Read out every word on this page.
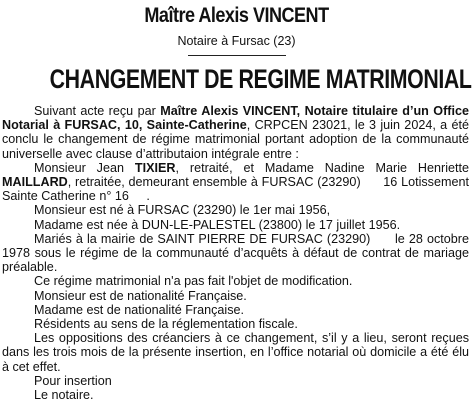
Maître Alexis VINCENT
Notaire à Fursac (23)
CHANGEMENT DE REGIME MATRIMONIAL

Suivant acte reçu par Maître Alexis VINCENT, Notaire titulaire d’un Office Notarial à FURSAC, 10, Sainte-Catherine, CRPCEN 23021, le 3 juin 2024, a été conclu le changement de régime matrimonial portant adoption de la communauté universelle avec clause d’attributaion intégrale entre :

Monsieur Jean TIXIER, retraité, et Madame Nadine Marie Henriette MAILLARD, retraitée, demeurant ensemble à FURSAC (23290)      16 Lotissement Sainte Catherine n° 16     .

Monsieur est né à FURSAC (23290) le 1er mai 1956,

Madame est née à DUN-LE-PALESTEL (23800) le 17 juillet 1956.

Mariés à la mairie de SAINT PIERRE DE FURSAC (23290)      le 28 octobre 1978 sous le régime de la communauté d’acquêts à défaut de contrat de mariage préalable.

Ce régime matrimonial n'a pas fait l'objet de modification.

Monsieur est de nationalité Française.

Madame est de nationalité Française.

Résidents au sens de la réglementation fiscale.

Les oppositions des créanciers à ce changement, s’il y a lieu, seront reçues dans les trois mois de la présente insertion, en l’office notarial où domicile a été élu à cet effet.

Pour insertion

Le notaire.
